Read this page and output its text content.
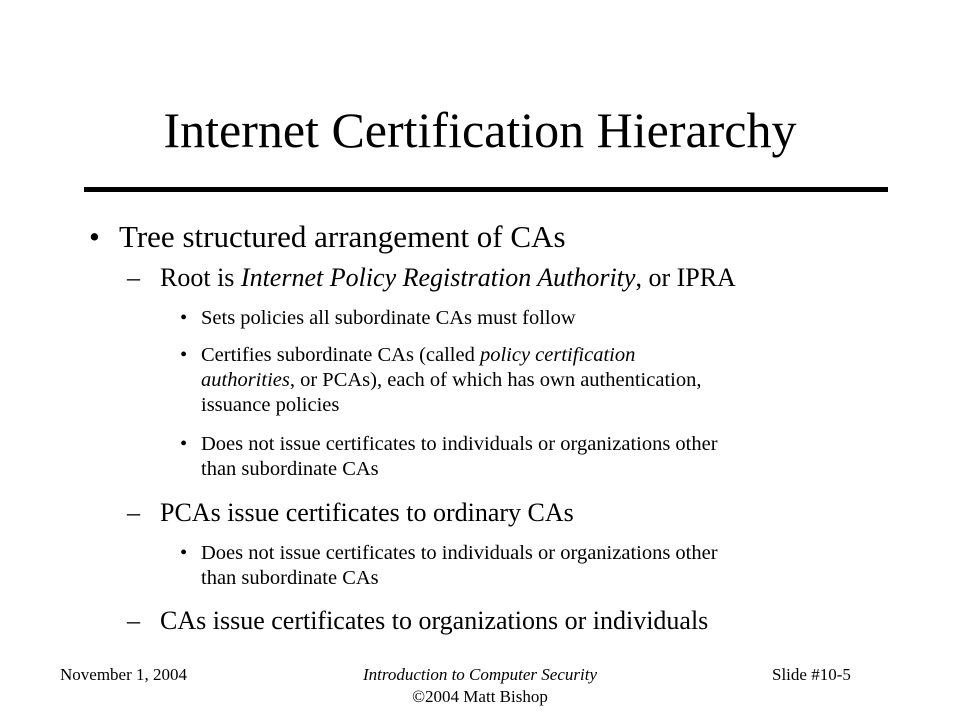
Internet Certification Hierarchy
• Tree structured arrangement of CAs
– Root is Internet Policy Registration Authority, or IPRA
• Sets policies all subordinate CAs must follow
• Certifies subordinate CAs (called policy certification
authorities, or PCAs), each of which has own authentication,
issuance policies
• Does not issue certificates to individuals or organizations other
than subordinate CAs
– PCAs issue certificates to ordinary CAs
• Does not issue certificates to individuals or organizations other
than subordinate CAs
– CAs issue certificates to organizations or individuals
November 1, 2004	Introduction to Computer Security
©2004 Matt Bishop
Slide #10-5
